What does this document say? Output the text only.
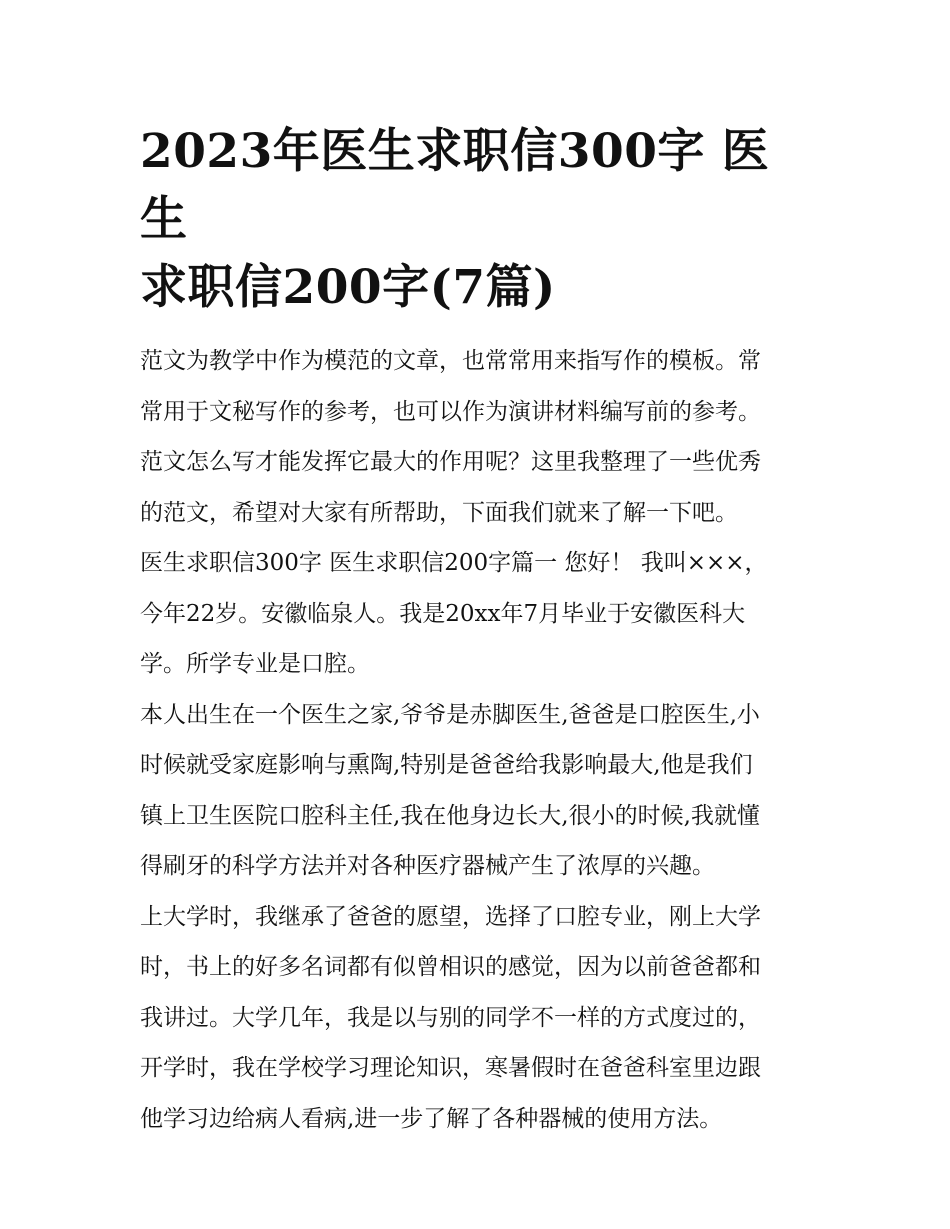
2023年医生求职信300字 医生
求职信200字(7篇)

范文为教学中作为模范的文章，也常常用来指写作的模板。常
常用于文秘写作的参考，也可以作为演讲材料编写前的参考。
范文怎么写才能发挥它最大的作用呢？这里我整理了一些优秀
的范文，希望对大家有所帮助，下面我们就来了解一下吧。

医生求职信300字 医生求职信200字篇一 您好！ 我叫×××，
今年22岁。安徽临泉人。我是20xx年7月毕业于安徽医科大
学。所学专业是口腔。

本人出生在一个医生之家,爷爷是赤脚医生,爸爸是口腔医生,小
时候就受家庭影响与熏陶,特别是爸爸给我影响最大,他是我们
镇上卫生医院口腔科主任,我在他身边长大,很小的时候,我就懂
得刷牙的科学方法并对各种医疗器械产生了浓厚的兴趣。

上大学时，我继承了爸爸的愿望，选择了口腔专业，刚上大学
时，书上的好多名词都有似曾相识的感觉，因为以前爸爸都和
我讲过。大学几年，我是以与别的同学不一样的方式度过的，
开学时，我在学校学习理论知识，寒暑假时在爸爸科室里边跟
他学习边给病人看病,进一步了解了各种器械的使用方法。
